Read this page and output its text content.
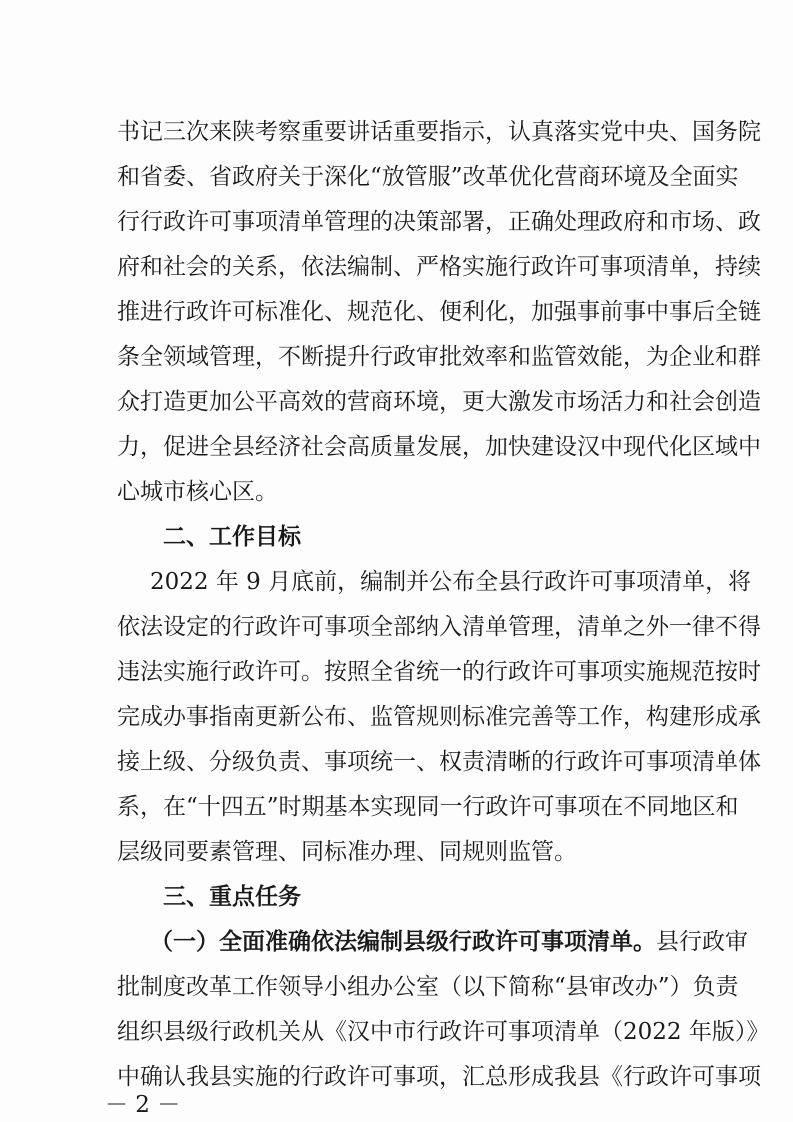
书记三次来陕考察重要讲话重要指示，认真落实党中央、国务院
和省委、省政府关于深化“放管服”改革优化营商环境及全面实
行行政许可事项清单管理的决策部署，正确处理政府和市场、政
府和社会的关系，依法编制、严格实施行政许可事项清单，持续
推进行政许可标准化、规范化、便利化，加强事前事中事后全链
条全领域管理，不断提升行政审批效率和监管效能，为企业和群
众打造更加公平高效的营商环境，更大激发市场活力和社会创造
力，促进全县经济社会高质量发展，加快建设汉中现代化区域中
心城市核心区。
二、工作目标
2022 年 9 月底前，编制并公布全县行政许可事项清单，将
依法设定的行政许可事项全部纳入清单管理，清单之外一律不得
违法实施行政许可。按照全省统一的行政许可事项实施规范按时
完成办事指南更新公布、监管规则标准完善等工作，构建形成承
接上级、分级负责、事项统一、权责清晰的行政许可事项清单体
系，在“十四五”时期基本实现同一行政许可事项在不同地区和
层级同要素管理、同标准办理、同规则监管。
三、重点任务
（一）全面准确依法编制县级行政许可事项清单。县行政审
批制度改革工作领导小组办公室（以下简称“县审改办”）负责
组织县级行政机关从《汉中市行政许可事项清单（2022 年版）》
中确认我县实施的行政许可事项，汇总形成我县《行政许可事项
－ 2 －
